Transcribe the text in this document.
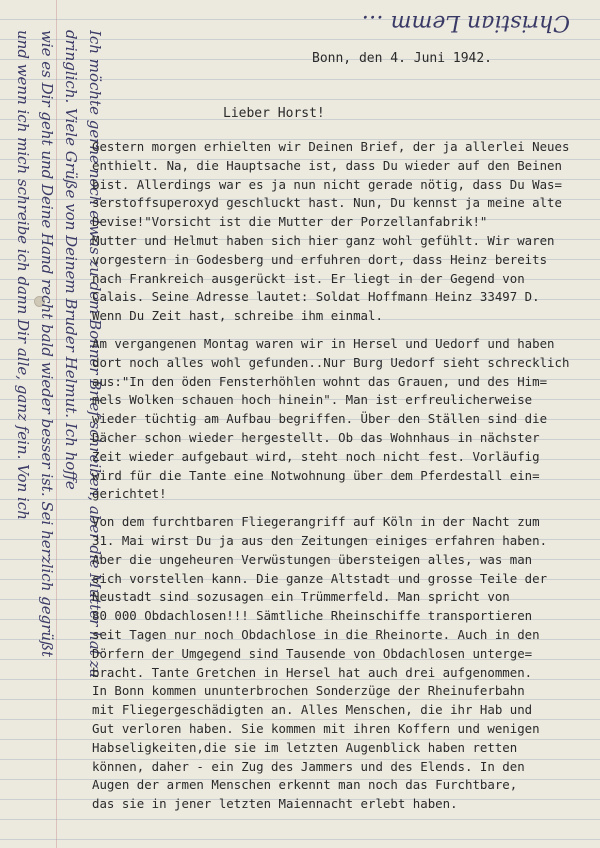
Christian Lemm …
Ich möchte gerne noch etwas zu dem Bonner Brief schreiben, aber die Mutter hat zu
dringlich. Viele Grüße von Deinem Bruder Helmut. Ich hoffe
wie es Dir geht und Deine Hand recht bald wieder besser ist. Sei herzlich gegrüßt
und wenn ich mich schreibe ich dann Dir alle, ganz fein. Von ich	Bonn, den 4. Juni 1942.
Lieber Horst!
Gestern morgen erhielten wir Deinen Brief, der ja allerlei Neues
enthielt. Na, die Hauptsache ist, dass Du wieder auf den Beinen
bist. Allerdings war es ja nun nicht gerade nötig, dass Du Was=
serstoffsuperoxyd geschluckt hast. Nun, Du kennst ja meine alte
Devise!"Vorsicht ist die Mutter der Porzellanfabrik!"
Mutter und Helmut haben sich hier ganz wohl gefühlt. Wir waren
vorgestern in Godesberg und erfuhren dort, dass Heinz bereits
nach Frankreich ausgerückt ist. Er liegt in der Gegend von
Calais. Seine Adresse lautet: Soldat Hoffmann Heinz 33497 D.
Wenn Du Zeit hast, schreibe ihm einmal.
Am vergangenen Montag waren wir in Hersel und Uedorf und haben
dort noch alles wohl gefunden..Nur Burg Uedorf sieht schrecklich
aus:"In den öden Fensterhöhlen wohnt das Grauen, und des Him=
mels Wolken schauen hoch hinein". Man ist erfreulicherweise
wieder tüchtig am Aufbau begriffen. Über den Ställen sind die
Dächer schon wieder hergestellt. Ob das Wohnhaus in nächster
Zeit wieder aufgebaut wird, steht noch nicht fest. Vorläufig
wird für die Tante eine Notwohnung über dem Pferdestall ein=
gerichtet!
Von dem furchtbaren Fliegerangriff auf Köln in der Nacht zum
31. Mai wirst Du ja aus den Zeitungen einiges erfahren haben.
Aber die ungeheuren Verwüstungen übersteigen alles, was man
sich vorstellen kann. Die ganze Altstadt und grosse Teile der
Neustadt sind sozusagen ein Trümmerfeld. Man spricht von
80 000 Obdachlosen!!! Sämtliche Rheinschiffe transportieren
seit Tagen nur noch Obdachlose in die Rheinorte. Auch in den
Dörfern der Umgegend sind Tausende von Obdachlosen unterge=
bracht. Tante Gretchen in Hersel hat auch drei aufgenommen.
In Bonn kommen ununterbrochen Sonderzüge der Rheinuferbahn
mit Fliegergeschädigten an. Alles Menschen, die ihr Hab und
Gut verloren haben. Sie kommen mit ihren Koffern und wenigen
Habseligkeiten,die sie im letzten Augenblick haben retten
können, daher - ein Zug des Jammers und des Elends. In den
Augen der armen Menschen erkennt man noch das Furchtbare,
das sie in jener letzten Maiennacht erlebt haben.
